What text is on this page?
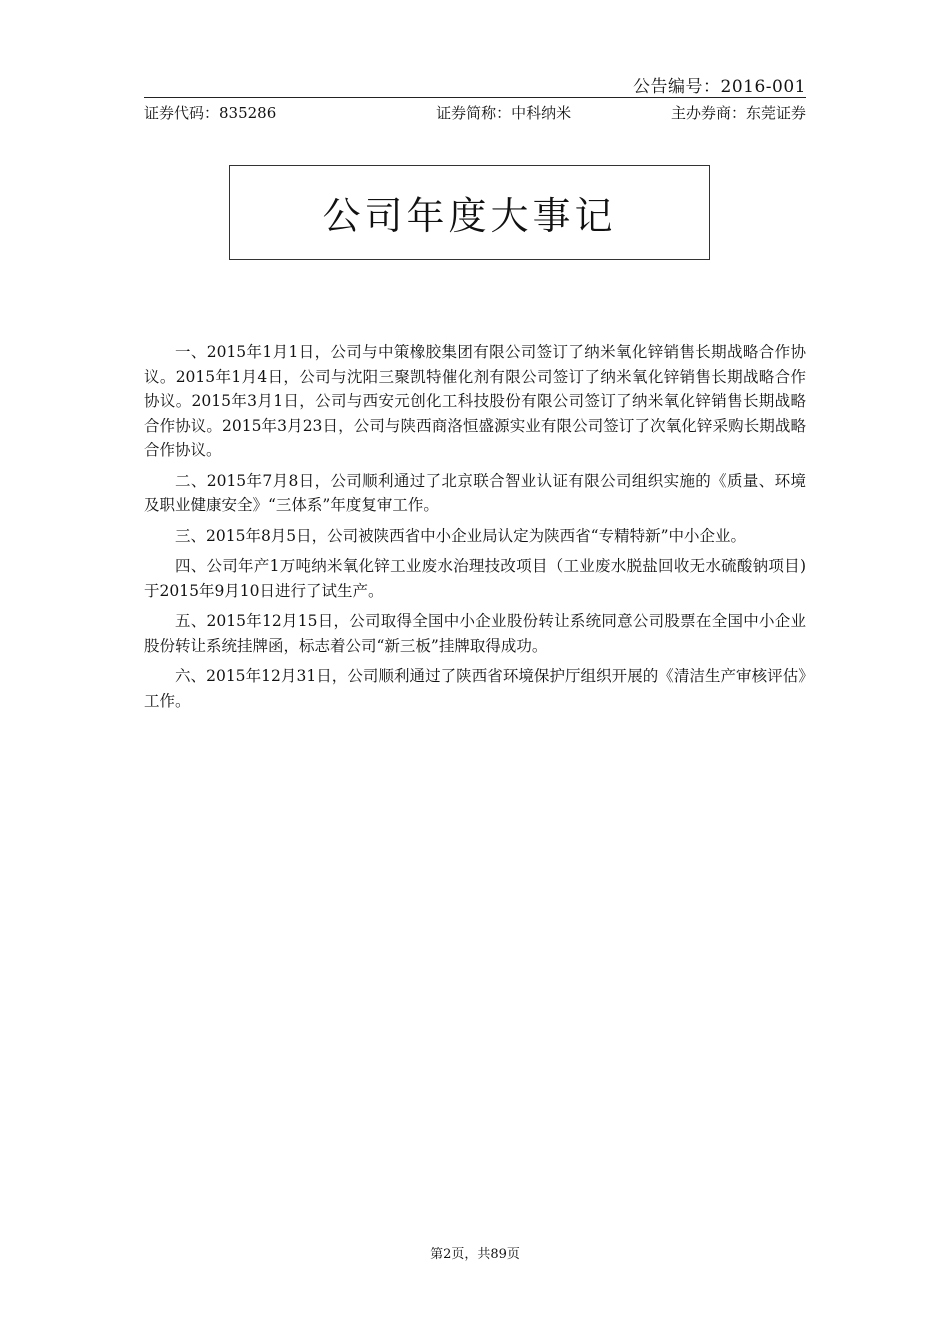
公告编号：2016-001
证券代码：835286	证券简称：中科纳米	主办券商：东莞证券
公司年度大事记

一、2015年1月1日，公司与中策橡胶集团有限公司签订了纳米氧化锌销售长期战略合作协议。2015年1月4日，公司与沈阳三聚凯特催化剂有限公司签订了纳米氧化锌销售长期战略合作协议。2015年3月1日，公司与西安元创化工科技股份有限公司签订了纳米氧化锌销售长期战略合作协议。2015年3月23日，公司与陕西商洛恒盛源实业有限公司签订了次氧化锌采购长期战略合作协议。

二、2015年7月8日，公司顺利通过了北京联合智业认证有限公司组织实施的《质量、环境及职业健康安全》“三体系”年度复审工作。

三、2015年8月5日，公司被陕西省中小企业局认定为陕西省“专精特新”中小企业。

四、公司年产1万吨纳米氧化锌工业废水治理技改项目（工业废水脱盐回收无水硫酸钠项目)于2015年9月10日进行了试生产。

五、2015年12月15日，公司取得全国中小企业股份转让系统同意公司股票在全国中小企业股份转让系统挂牌函，标志着公司“新三板”挂牌取得成功。

六、2015年12月31日，公司顺利通过了陕西省环境保护厅组织开展的《清洁生产审核评估》工作。

第2页，共89页
